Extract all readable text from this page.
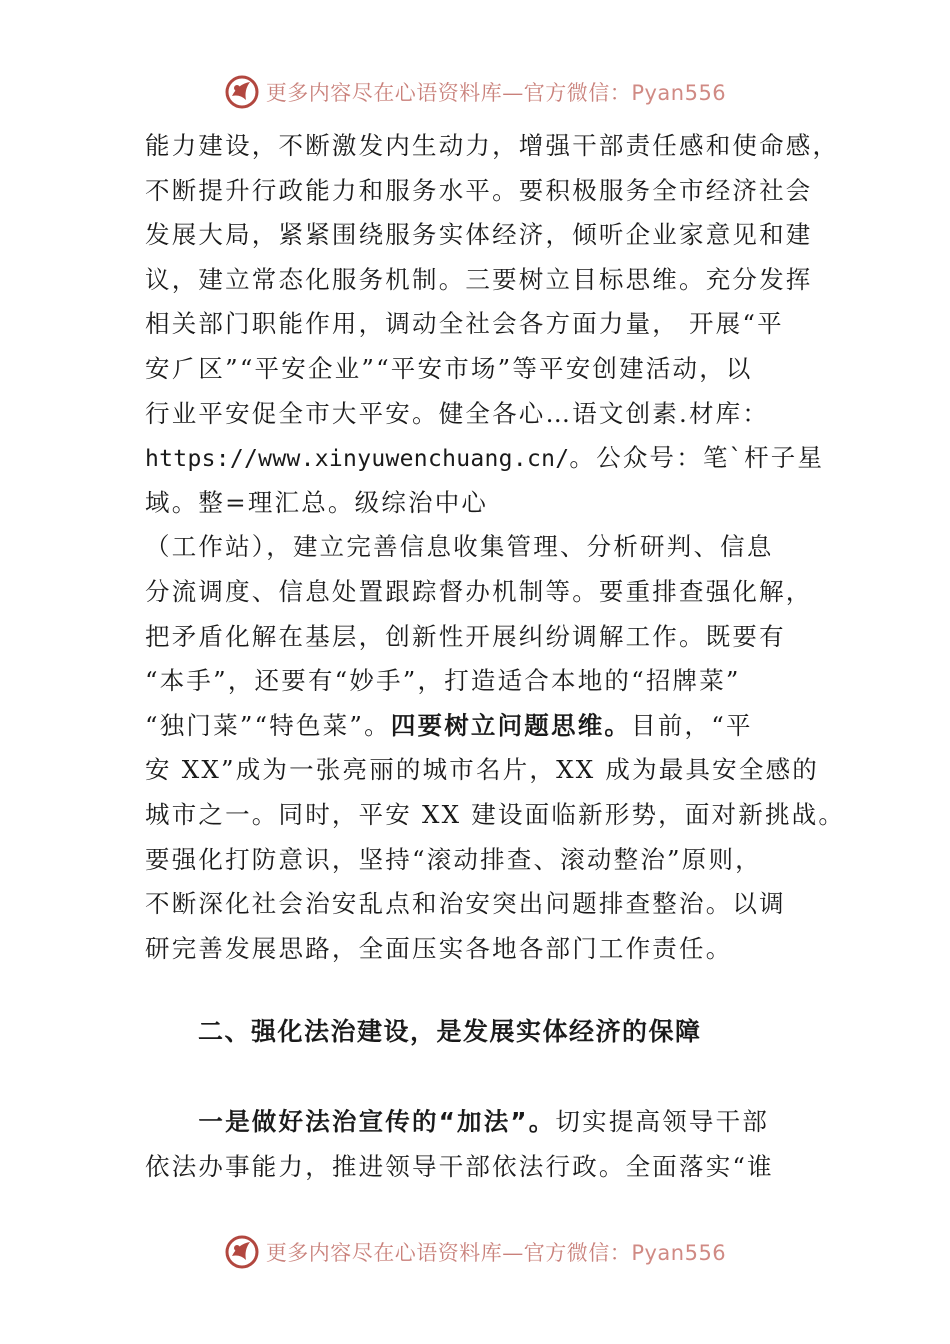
更多内容尽在心语资料库—官方微信：Pyan556
能力建设，不断激发内生动力，增强干部责任感和使命感，
不断提升行政能力和服务水平。要积极服务全市经济社会
发展大局，紧紧围绕服务实体经济，倾听企业家意见和建
议，建立常态化服务机制。三要树立目标思维。充分发挥
相关部门职能作用，调动全社会各方面力量， 开展“平
安⺁区”“平安企业”“平安市场”等平安创建活动，以
行业平安促全市大平安。健全各心…语文创素.材库：
https://www.xinyuwenchuang.cn/。公众号：笔`杆子星
域。整=理汇总。级综治中心
（工作站），建立完善信息收集管理、分析研判、信息
分流调度、信息处置跟踪督办机制等。要重排查强化解，
把矛盾化解在基层，创新性开展纠纷调解工作。既要有
“本手”，还要有“妙手”，打造适合本地的“招牌菜”
“独门菜”“特色菜”。四要树立问题思维。目前，“平
安 XX”成为一张亮丽的城市名片，XX 成为最具安全感的
城市之一。同时，平安 XX 建设面临新形势，面对新挑战。
要强化打防意识，坚持“滚动排查、滚动整治”原则，
不断深化社会治安乱点和治安突出问题排查整治。以调
研完善发展思路，全面压实各地各部门工作责任。
二、强化法治建设，是发展实体经济的保障
　　一是做好法治宣传的“加法”。切实提高领导干部
依法办事能力，推进领导干部依法行政。全面落实“谁
更多内容尽在心语资料库—官方微信：Pyan556
